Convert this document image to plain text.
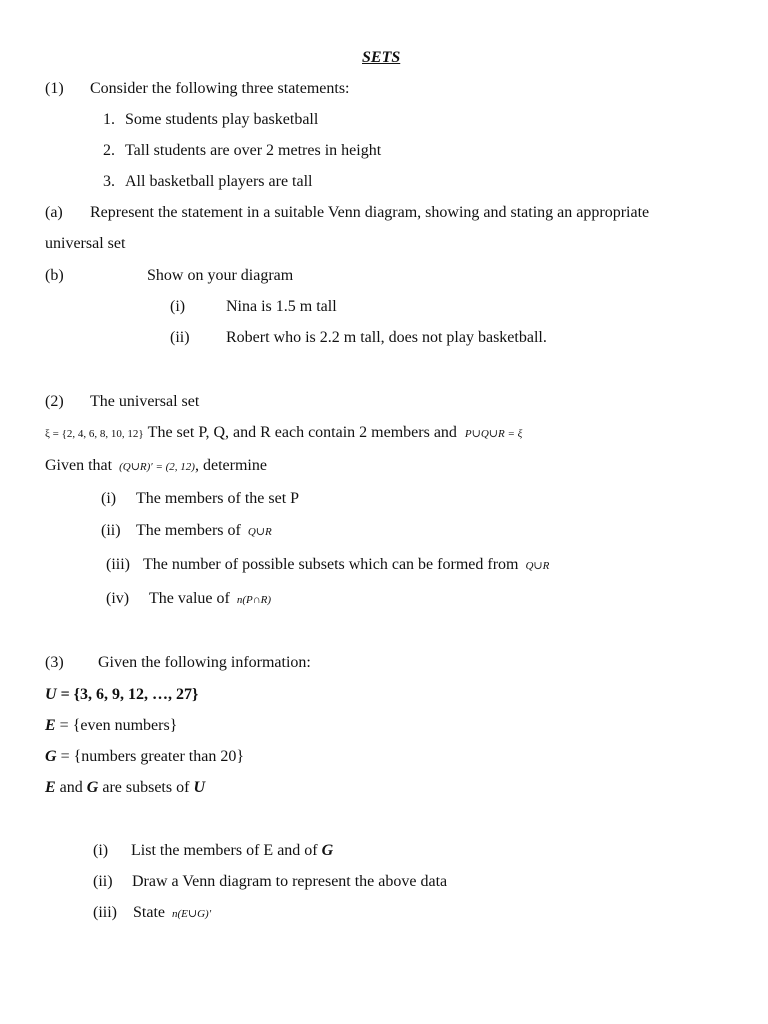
SETS
(1) Consider the following three statements:
1. Some students play basketball
2. Tall students are over 2 metres in height
3. All basketball players are tall
(a) Represent the statement in a suitable Venn diagram, showing and stating an appropriate
universal set
(b)	Show on your diagram
(i)	Nina is 1.5 m tall
(ii) Robert who is 2.2 m tall, does not play basketball.
(2) The universal set
ξ = {2, 4, 6, 8, 10, 12} The set P, Q, and R each contain 2 members and P∪Q∪R = ξ
Given that (Q∪R)′ = (2, 12), determine
(i) The members of the set P
(ii) The members of Q∪R
(iii) The number of possible subsets which can be formed from Q∪R
(iv) The value of n(P∩R)
(3) Given the following information:
U = {3, 6, 9, 12, …, 27}
E = {even numbers}
G = {numbers greater than 20}
E and G are subsets of U
(i) List the members of E and of G
(ii) Draw a Venn diagram to represent the above data
(iii) State n(E∪G)′
